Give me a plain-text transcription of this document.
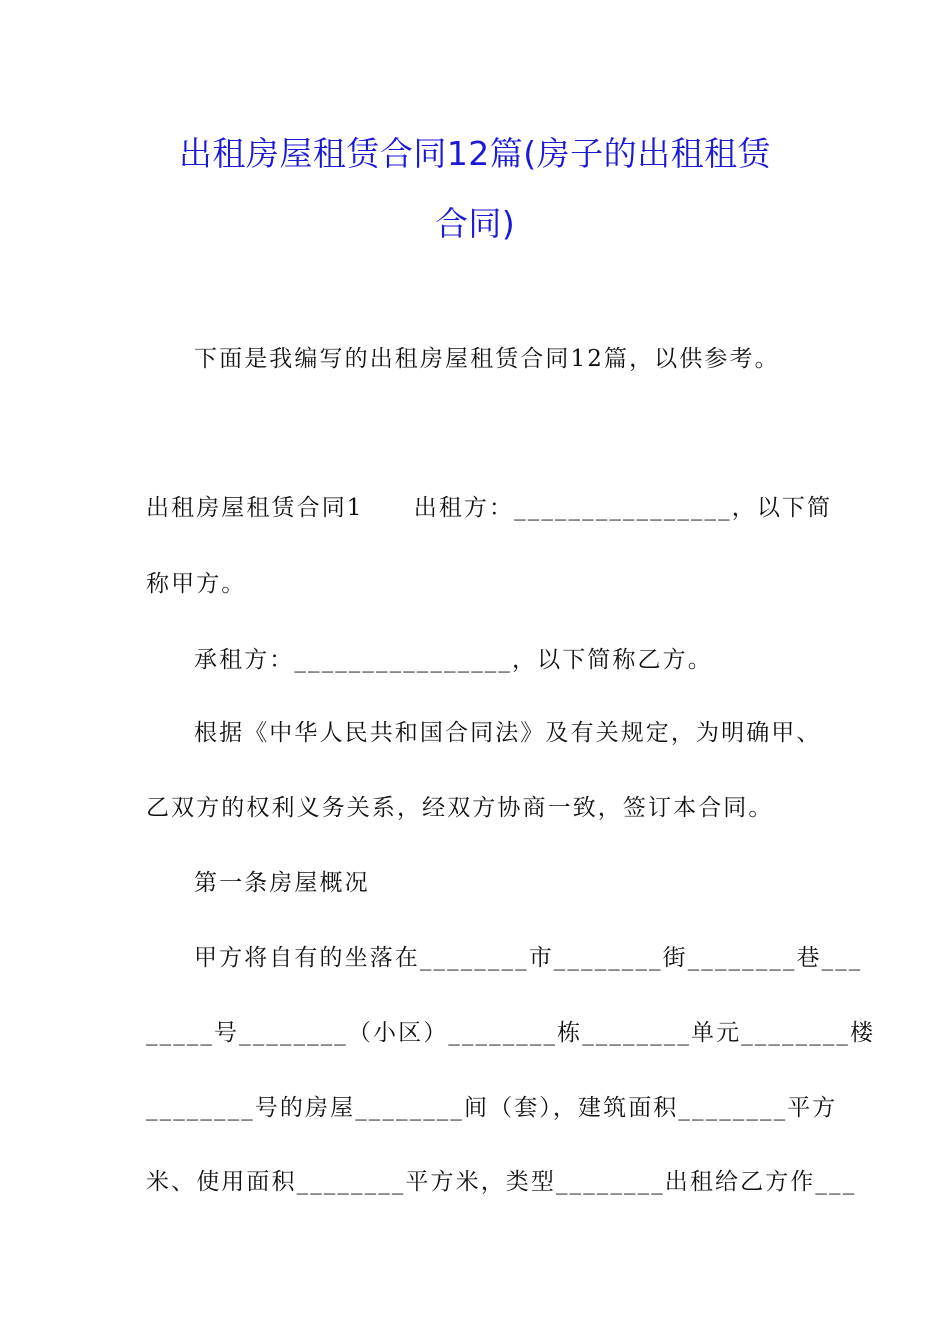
出租房屋租赁合同12篇(房子的出租租赁
合同)
下面是我编写的出租房屋租赁合同12篇，以供参考。
出租房屋租赁合同1　　出租方：________________，以下简
称甲方。
承租方：________________，以下简称乙方。
根据《中华人民共和国合同法》及有关规定，为明确甲、
乙双方的权利义务关系，经双方协商一致，签订本合同。
第一条房屋概况
甲方将自有的坐落在________市________街________巷___
_____号________（小区）________栋________单元________楼
________号的房屋________间（套），建筑面积________平方
米、使用面积________平方米，类型________出租给乙方作___
